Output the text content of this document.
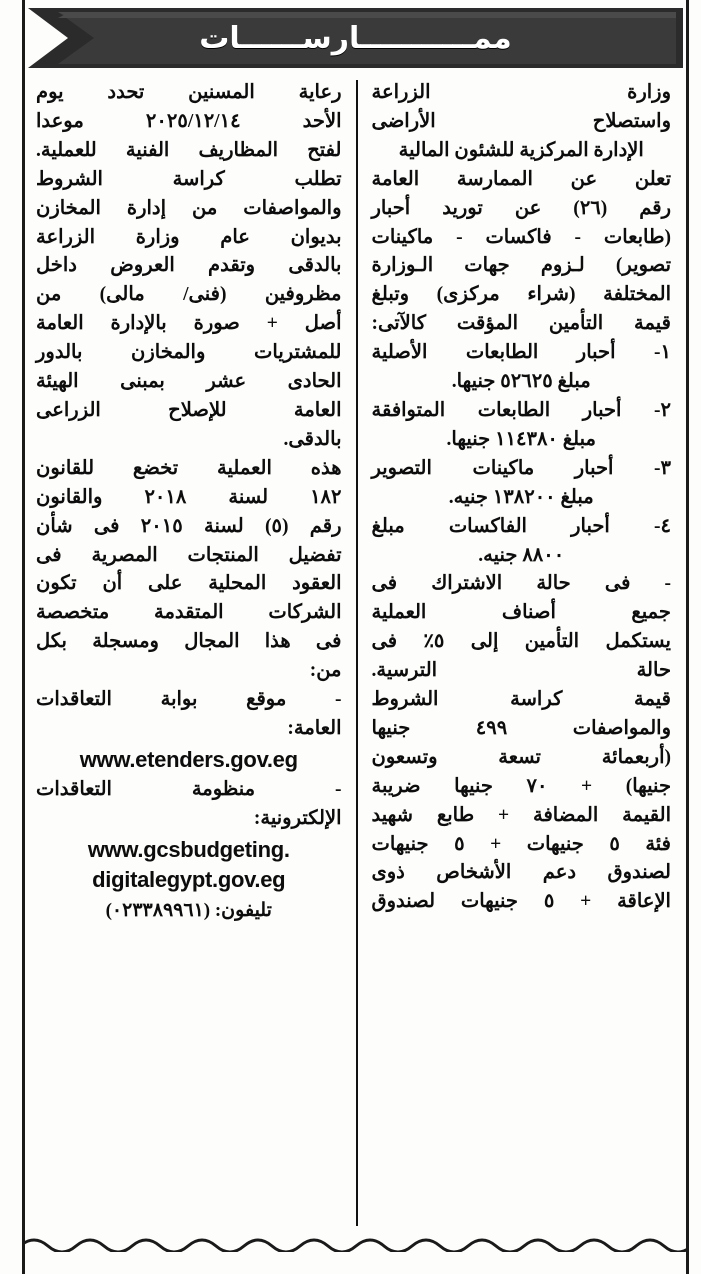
ممـــــــــــارســــــات

وزارة الزراعة

واستصلاح الأراضى

الإدارة المركزية للشئون المالية

تعلن عن الممارسة العامة

رقم (٢٦) عن توريد أحبار

(طابعات - فاكسات - ماكينات

تصوير) لـزوم جهات الـوزارة

المختلفة (شراء مركزى) وتبلغ

قيمة التأمين المؤقت كالآتى:

١- أحبار الطابعات الأصلية

مبلغ ٥٢٦٢٥ جنيها.

٢- أحبار الطابعات المتوافقة

مبلغ ١١٤٣٨٠ جنيها.

٣- أحبار ماكينات التصوير

مبلغ ١٣٨٢٠٠ جنيه.

٤- أحبار الفاكسات مبلغ

٨٨٠٠ جنيه.

- فى حالة الاشتراك فى

جميع أصناف العملية

يستكمل التأمين إلى ٥٪ فى

حالة الترسية.

قيمة كراسة الشروط

والمواصفات ٤٩٩ جنيها

(أربعمائة تسعة وتسعون

جنيها) + ٧٠ جنيها ضريبة

القيمة المضافة + طابع شهيد

فئة ٥ جنيهات + ٥ جنيهات

لصندوق دعم الأشخاص ذوى

الإعاقة + ٥ جنيهات لصندوق

رعاية المسنين تحدد يوم

الأحد ٢٠٢٥/١٢/١٤ موعدا

لفتح المظاريف الفنية للعملية.

تطلب كراسة الشروط

والمواصفات من إدارة المخازن

بديوان عام وزارة الزراعة

بالدقى وتقدم العروض داخل

مظروفين (فنى/ مالى) من

أصل + صورة بالإدارة العامة

للمشتريات والمخازن بالدور

الحادى عشر بمبنى الهيئة

العامة للإصلاح الزراعى

بالدقى.

هذه العملية تخضع للقانون

١٨٢ لسنة ٢٠١٨ والقانون

رقم (٥) لسنة ٢٠١٥ فى شأن

تفضيل المنتجات المصرية فى

العقود المحلية على أن تكون

الشركات المتقدمة متخصصة

فى هذا المجال ومسجلة بكل

من:

- موقع بوابة التعاقدات

العامة:

www.etenders.gov.eg

- منظومة التعاقدات

الإلكترونية:

www.gcsbudgeting.

digitalegypt.gov.eg

تليفون: (٠٢٣٣٨٩٩٦١)
